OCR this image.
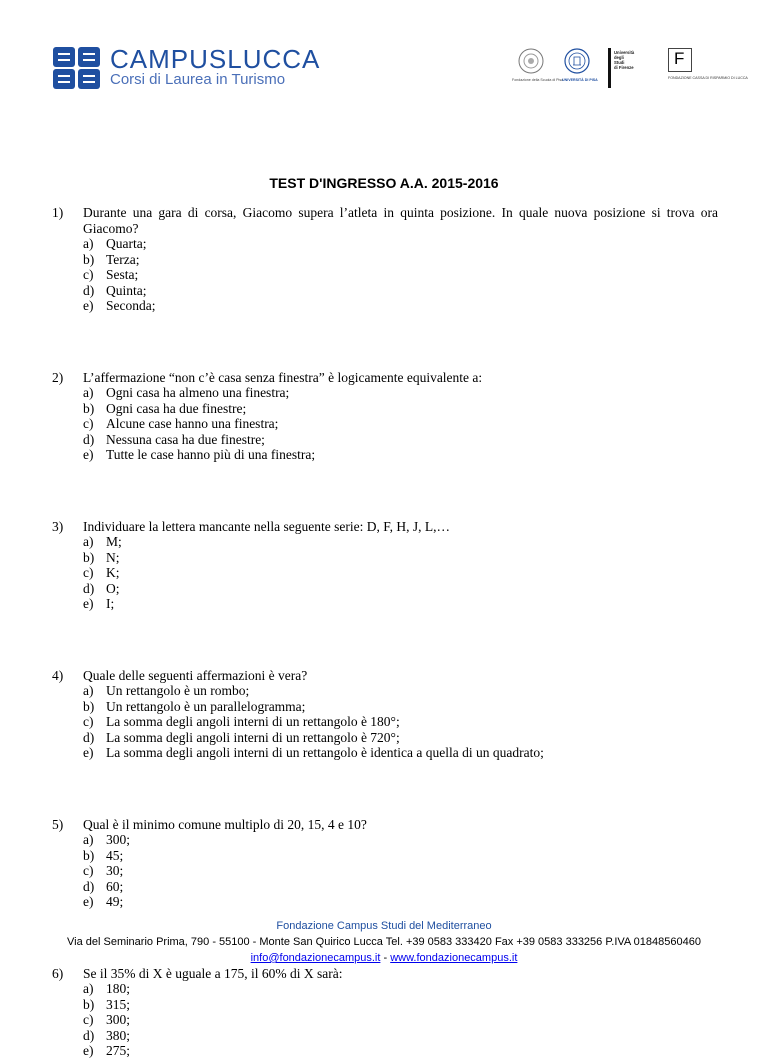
CAMPUSLUCCA
Corsi di Laurea in Turismo	Fondazione della Scuola di Pisa
UNIVERSITÀ DI PISA
Università
degli
Studi
di Firenze F
FONDAZIONE CASSA DI RISPARMIO DI LUCCA
TEST D'INGRESSO A.A. 2015-2016
1)	Durante una gara di corsa, Giacomo supera l’atleta in quinta posizione. In quale nuova posizione si trova ora Giacomo?
a) Quarta;
b) Terza;
c) Sesta;
d) Quinta;
e) Seconda;
2)	L’affermazione “non c’è casa senza finestra” è logicamente equivalente a:
a) Ogni casa ha almeno una finestra;
b) Ogni casa ha due finestre;
c) Alcune case hanno una finestra;
d) Nessuna casa ha due finestre;
e) Tutte le case hanno più di una finestra;
3)	Individuare la lettera mancante nella seguente serie: D, F, H, J, L,…
a) M;
b) N;
c) K;
d) O;
e) I;
4)	Quale delle seguenti affermazioni è vera?
a) Un rettangolo è un rombo;
b) Un rettangolo è un parallelogramma;
c) La somma degli angoli interni di un rettangolo è 180°;
d) La somma degli angoli interni di un rettangolo è 720°;
e) La somma degli angoli interni di un rettangolo è identica a quella di un quadrato;
5)	Qual è il minimo comune multiplo di 20, 15, 4 e 10?
a) 300;
b) 45;
c) 30;
d) 60;
e) 49;
6)	Se il 35% di X è uguale a 175, il 60% di X sarà:
a) 180;
b) 315;
c) 300;
d) 380;
e) 275;
Fondazione Campus Studi del Mediterraneo
Via del Seminario Prima, 790 - 55100 - Monte San Quirico Lucca Tel. +39 0583 333420 Fax +39 0583 333256 P.IVA 01848560460
info@fondazionecampus.it - www.fondazionecampus.it
